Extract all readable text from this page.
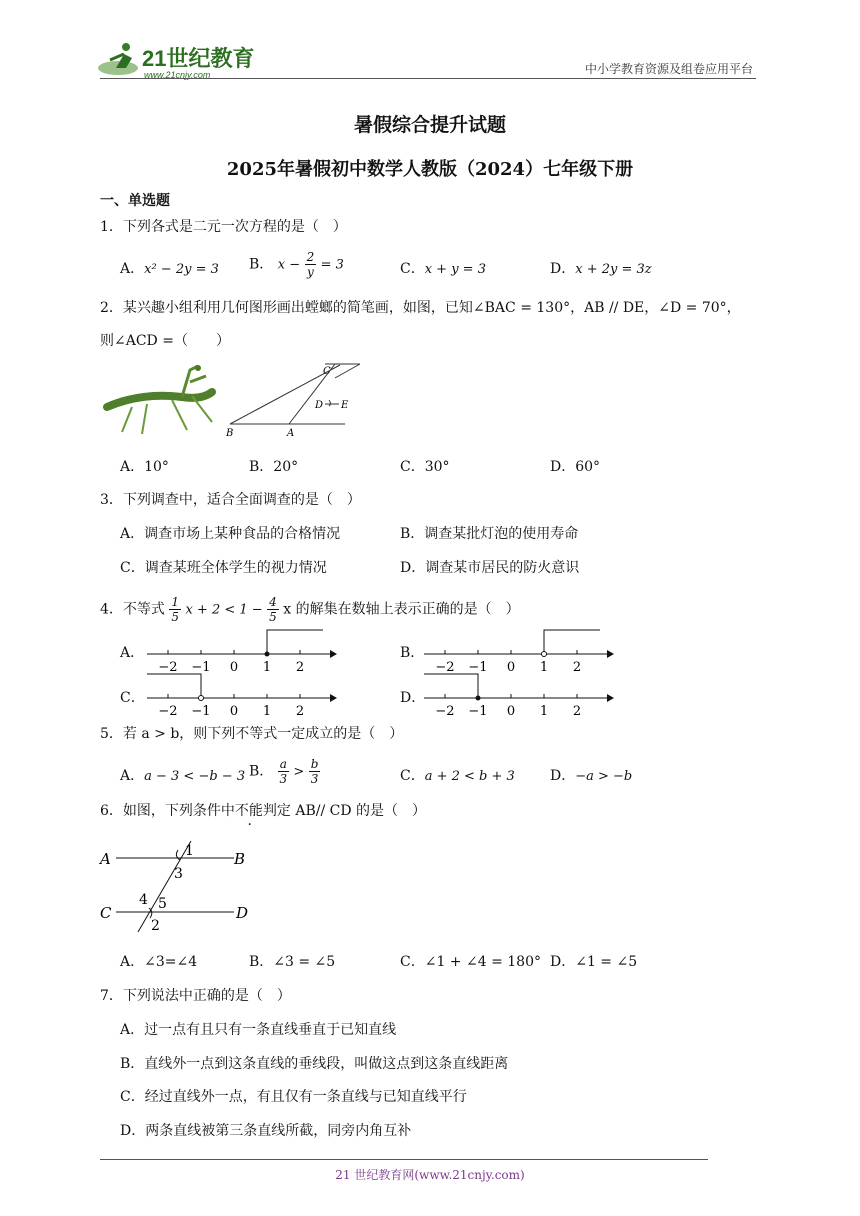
21世纪教育
www.21cnjy.com	中小学教育资源及组卷应用平台
暑假综合提升试题
2025年暑假初中数学人教版（2024）七年级下册
一、单选题
1．下列各式是二元一次方程的是（　）
A．x² − 2y = 3 B． $x - \frac{2}{y} = 3$	C．x + y = 3	D．x + 2y = 3z
2．某兴趣小组利用几何图形画出螳螂的简笔画，如图，已知∠BAC = 130°，AB // DE，∠D = 70°，
则∠ACD =（　　）
C
D E
B	A
A．10°	B．20°	C．30°	D．60°
3．下列调查中，适合全面调查的是（　）
A．调查市场上某种食品的合格情况	B．调查某批灯泡的使用寿命
C．调查某班全体学生的视力情况	D．调查某市居民的防火意识
4．不等式 $\frac{1}{5}$ $x + 2 < 1 - \frac{4}{5}$ x 的解集在数轴上表示正确的是（　）
A．
−2 −1 0 1 2
B．
−2 −1 0 1 2
C．
−2 −1 0 1 2
D．
−2 −1 0 1 2
5．若 a > b，则下列不等式一定成立的是（　）
A．a − 3 < −b − 3 B． $\frac{a}{3} > \frac{b}{3}$	C．a + 2 < b + 3	D．−a > −b
6．如图，下列条件中不能判定 AB// CD 的是（　）
A	B
C	D
1
3
4 5
2
A．∠3=∠4	B．∠3 = ∠5	C．∠1 + ∠4 = 180° D．∠1 = ∠5
7．下列说法中正确的是（　）
A．过一点有且只有一条直线垂直于已知直线
B．直线外一点到这条直线的垂线段，叫做这点到这条直线距离
C．经过直线外一点，有且仅有一条直线与已知直线平行
D．两条直线被第三条直线所截，同旁内角互补
21 世纪教育网(www.21cnjy.com)
